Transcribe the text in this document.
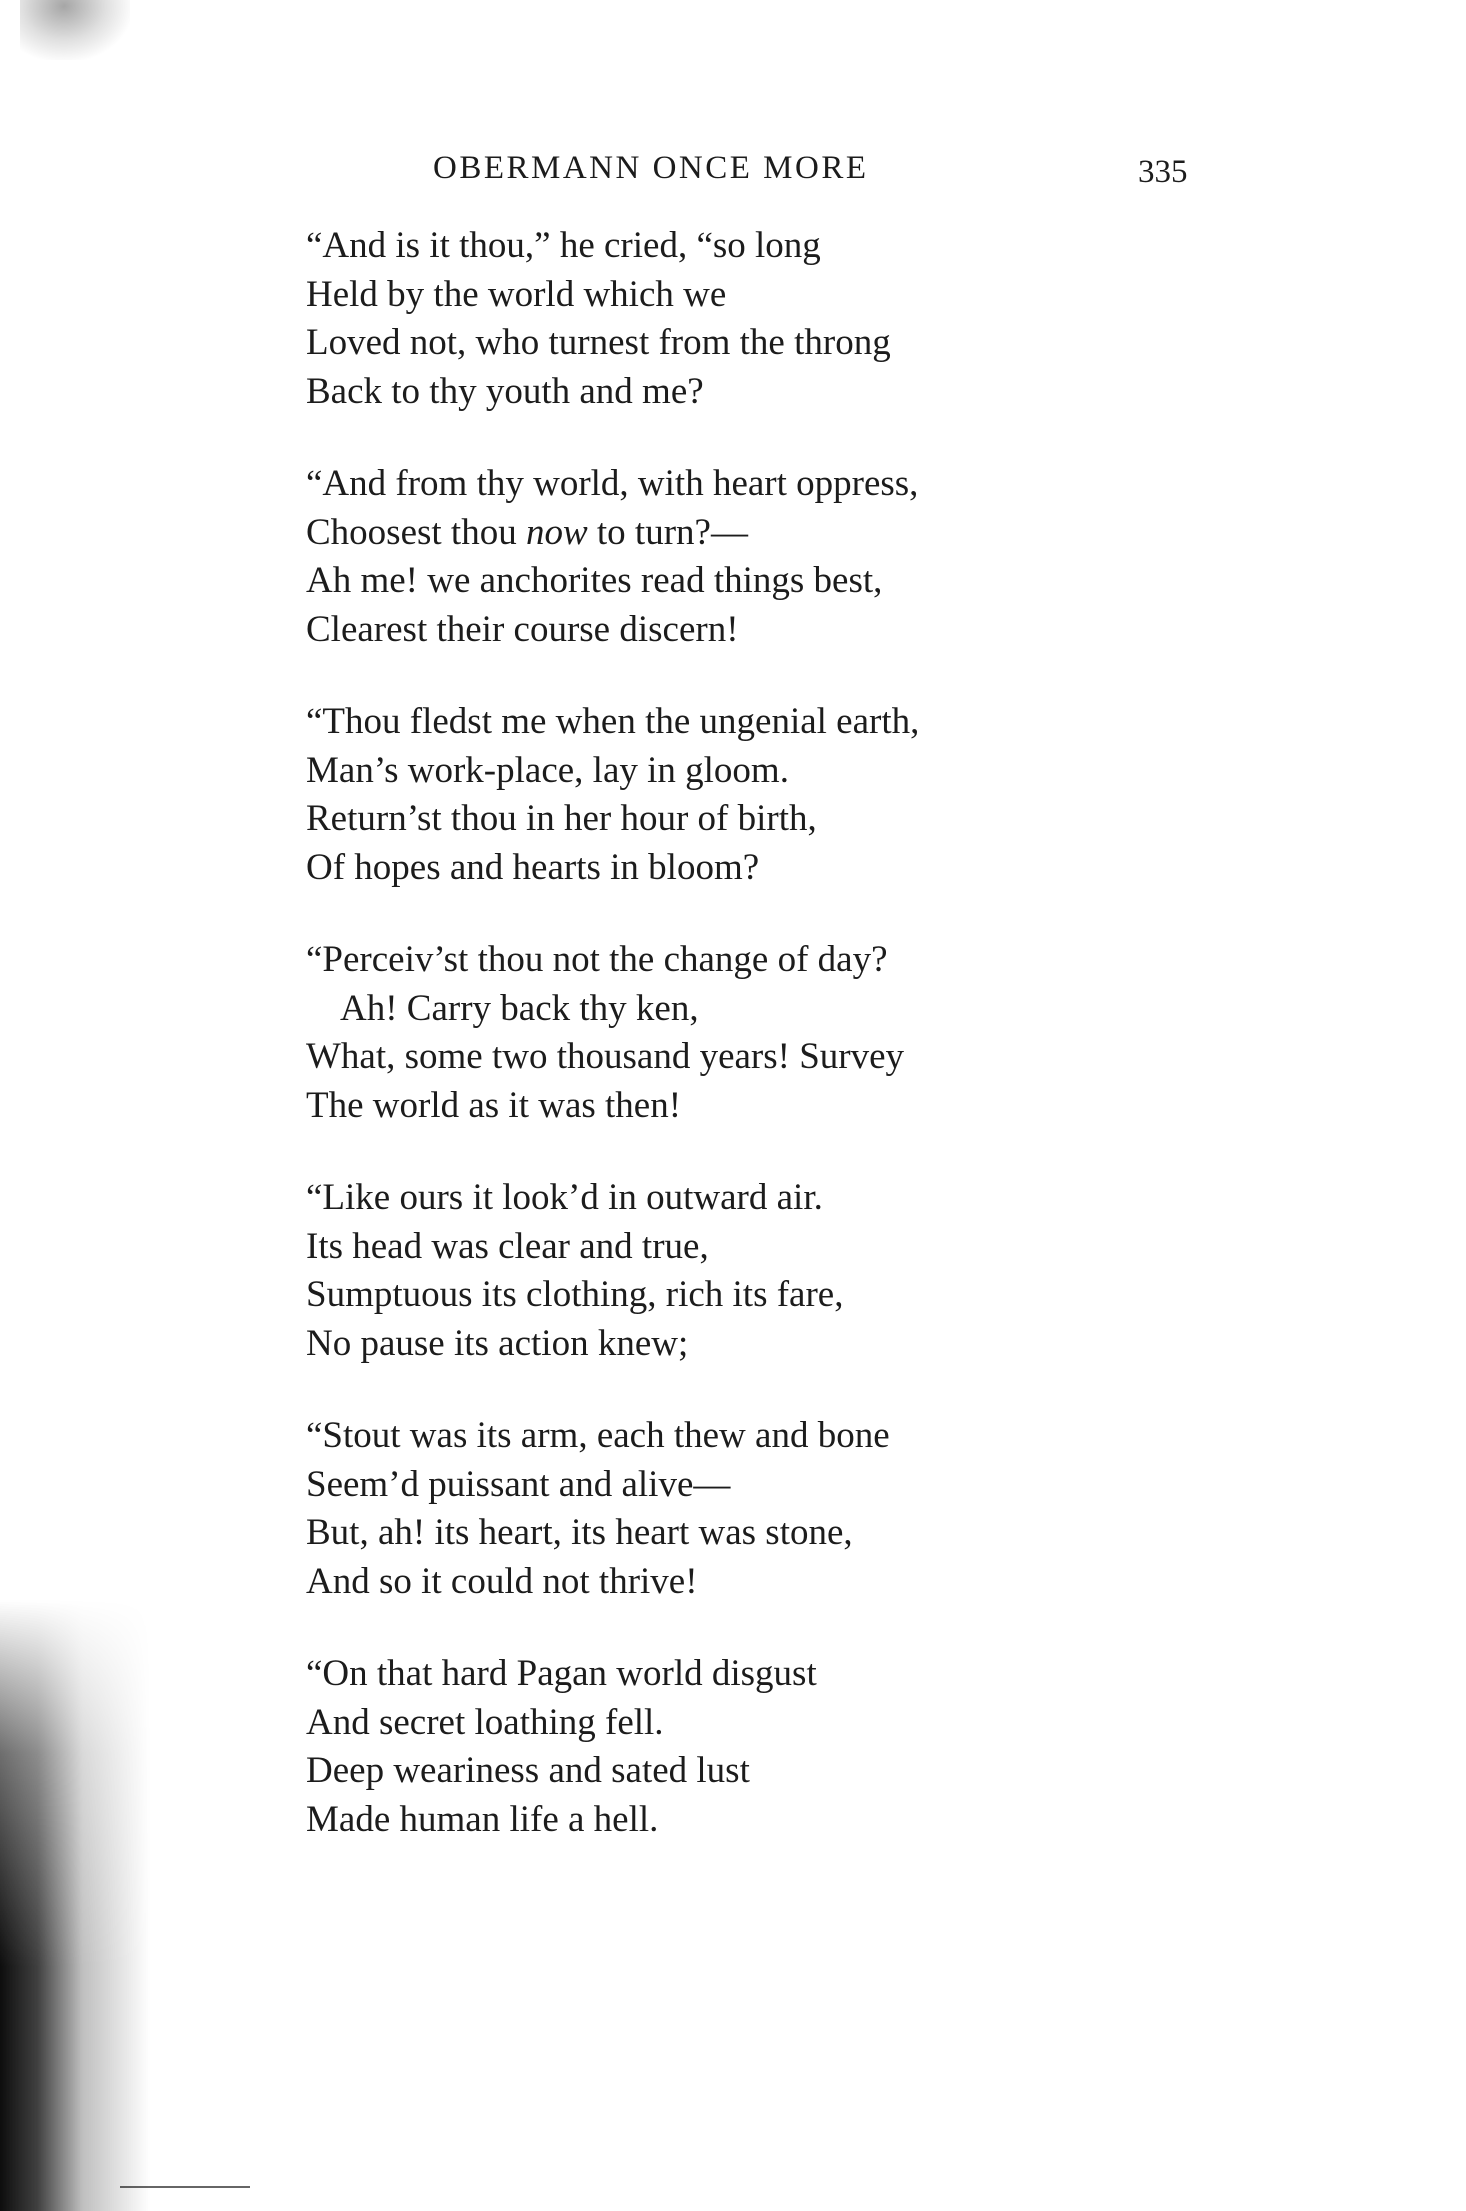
OBERMANN ONCE MORE	335
“And is it thou,” he cried, “so long
Held by the world which we
Loved not, who turnest from the throng
Back to thy youth and me?
“And from thy world, with heart oppress,
Choosest thou now to turn?—
Ah me! we anchorites read things best,
Clearest their course discern!
“Thou fledst me when the ungenial earth,
Man’s work-place, lay in gloom.
Return’st thou in her hour of birth,
Of hopes and hearts in bloom?
“Perceiv’st thou not the change of day?
Ah! Carry back thy ken,
What, some two thousand years! Survey
The world as it was then!
“Like ours it look’d in outward air.
Its head was clear and true,
Sumptuous its clothing, rich its fare,
No pause its action knew;
“Stout was its arm, each thew and bone
Seem’d puissant and alive—
But, ah! its heart, its heart was stone,
And so it could not thrive!
“On that hard Pagan world disgust
And secret loathing fell.
Deep weariness and sated lust
Made human life a hell.
